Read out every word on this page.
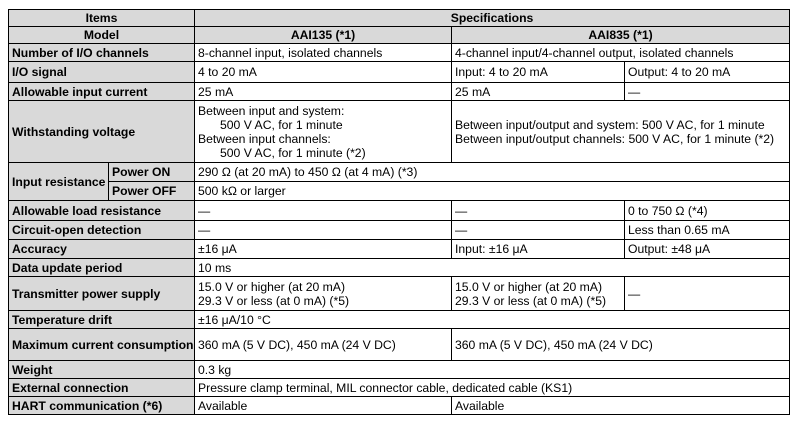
Items		Specifications		
Model		AAI135 (*1)	AAI835 (*1)	
Number of I/O channels		8-channel input, isolated channels	4-channel input/4-channel output, isolated channels	
I/O signal		4 to 20 mA	Input: 4 to 20 mA	Output: 4 to 20 mA
Allowable input current		25 mA	25 mA	—
Withstanding voltage		Between input and system:
500 V AC, for 1 minute
Between input channels:
500 V AC, for 1 minute (*2)	Between input/output and system: 500 V AC, for 1 minute
Between input/output channels: 500 V AC, for 1 minute (*2)	

Input resistance	Power ON	290 Ω (at 20 mA) to 450 Ω (at 4 mA) (*3)		
	Power OFF	500 kΩ or larger		
Allowable load resistance		—	—	0 to 750 Ω (*4)
Circuit-open detection		—	—	Less than 0.65 mA
Accuracy		±16 μA	Input: ±16 μA	Output: ±48 μA
Data update period		10 ms		
Transmitter power supply		15.0 V or higher (at 20 mA)
29.3 V or less (at 0 mA) (*5)	15.0 V or higher (at 20 mA)
29.3 V or less (at 0 mA) (*5)	—
Temperature drift		±16 μA/10 °C		
Maximum current consumption		360 mA (5 V DC), 450 mA (24 V DC)	360 mA (5 V DC), 450 mA (24 V DC)	
Weight		0.3 kg		
External connection		Pressure clamp terminal, MIL connector cable, dedicated cable (KS1)		
HART communication (*6)		Available	Available	
